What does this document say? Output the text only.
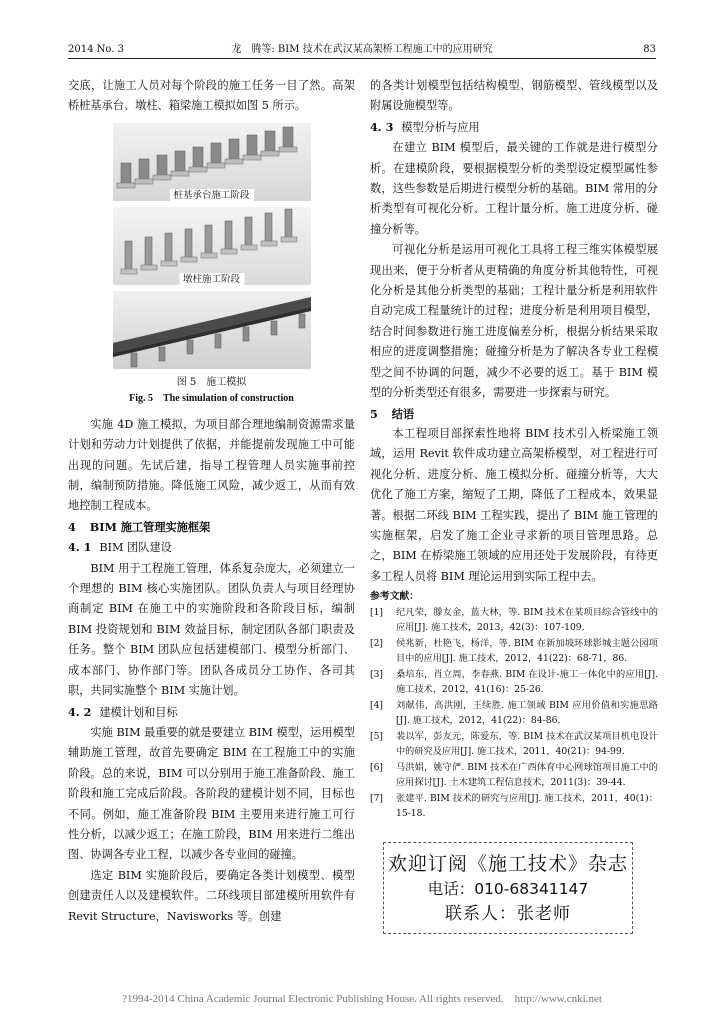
2014 No. 3	龙　腾等: BIM 技术在武汉某高架桥工程施工中的应用研究	83

交底，让施工人员对每个阶段的施工任务一目了然。高架桥桩基承台、墩柱、箱梁施工模拟如图 5 所示。

桩基承台施工阶段
墩柱施工阶段
图 5　施工模拟
Fig. 5　The simulation of construction

实施 4D 施工模拟，为项目部合理地编制资源需求量计划和劳动力计划提供了依据，并能提前发现施工中可能出现的问题。先试后建，指导工程管理人员实施事前控制，编制预防措施。降低施工风险，减少返工，从而有效地控制工程成本。

4 BIM 施工管理实施框架
4. 1 BIM 团队建设

BIM 用于工程施工管理，体系复杂庞大，必须建立一个理想的 BIM 核心实施团队。团队负责人与项目经理协商制定 BIM 在施工中的实施阶段和各阶段目标，编制 BIM 投资规划和 BIM 效益目标，制定团队各部门职责及任务。整个 BIM 团队应包括建模部门、模型分析部门、成本部门、协作部门等。团队各成员分工协作、各司其职，共同实施整个 BIM 实施计划。

4. 2 建模计划和目标

实施 BIM 最重要的就是要建立 BIM 模型，运用模型辅助施工管理，故首先要确定 BIM 在工程施工中的实施阶段。总的来说，BIM 可以分别用于施工准备阶段、施工阶段和施工完成后阶段。各阶段的建模计划不同，目标也不同。例如，施工准备阶段 BIM 主要用来进行施工可行性分析，以减少返工；在施工阶段，BIM 用来进行二维出图、协调各专业工程，以减少各专业间的碰撞。

选定 BIM 实施阶段后，要确定各类计划模型、模型创建责任人以及建模软件。二环线项目部建模所用软件有 Revit Structure，Navisworks 等。创建

的各类计划模型包括结构模型、钢筋模型、管线模型以及附属设施模型等。

4. 3 模型分析与应用

在建立 BIM 模型后，最关键的工作就是进行模型分析。在建模阶段，要根据模型分析的类型设定模型属性参数，这些参数是后期进行模型分析的基础。BIM 常用的分析类型有可视化分析、工程计量分析、施工进度分析、碰撞分析等。

可视化分析是运用可视化工具将工程三维实体模型展现出来，便于分析者从更精确的角度分析其他特性，可视化分析是其他分析类型的基础；工程计量分析是利用软件自动完成工程量统计的过程；进度分析是利用项目模型，结合时间参数进行施工进度偏差分析，根据分析结果采取相应的进度调整措施；碰撞分析是为了解决各专业工程模型之间不协调的问题，减少不必要的返工。基于 BIM 模型的分析类型还有很多，需要进一步探索与研究。

5 结语

本工程项目部探索性地将 BIM 技术引入桥梁施工领域，运用 Revit 软件成功建立高架桥模型，对工程进行可视化分析、进度分析、施工模拟分析、碰撞分析等，大大优化了施工方案，缩短了工期，降低了工程成本，效果显著。根据二环线 BIM 工程实践，提出了 BIM 施工管理的实施框架，启发了施工企业寻求新的项目管理思路。总之，BIM 在桥梁施工领域的应用还处于发展阶段，有待更多工程人员将 BIM 理论运用到实际工程中去。

参考文献：
[1] 纪凡荣，滕友金，蓝大林，等. BIM 技术在某项目综合管线中的应用[J]. 施工技术，2013，42(3)：107-109.
[2] 侯兆新，杜艳飞，杨洋，等. BIM 在新加坡环球影城主题公园项目中的应用[J]. 施工技术，2012，41(22)：68-71，86.
[3] 桑培东，肖立周，李春燕. BIM 在设计-施工一体化中的应用[J]. 施工技术，2012，41(16)：25-26.
[4] 刘献伟，高洪刚，王续胜. 施工领域 BIM 应用价值和实施思路[J]. 施工技术，2012，41(22)：84-86.
[5] 裴以军，彭友元，陈爱东，等. BIM 技术在武汉某项目机电设计中的研究及应用[J]. 施工技术，2011，40(21)：94-99.
[6] 马洪娟，姚守俨. BIM 技术在广西体育中心网球馆项目施工中的应用探讨[J]. 土木建筑工程信息技术，2011(3)：39-44.
[7] 张建平. BIM 技术的研究与应用[J]. 施工技术，2011，40(1)：15-18.
欢迎订阅《施工技术》杂志
电话：010-68341147
联系人：张老师
?1994-2014 China Academic Journal Electronic Publishing House. All rights reserved.　http://www.cnki.net
